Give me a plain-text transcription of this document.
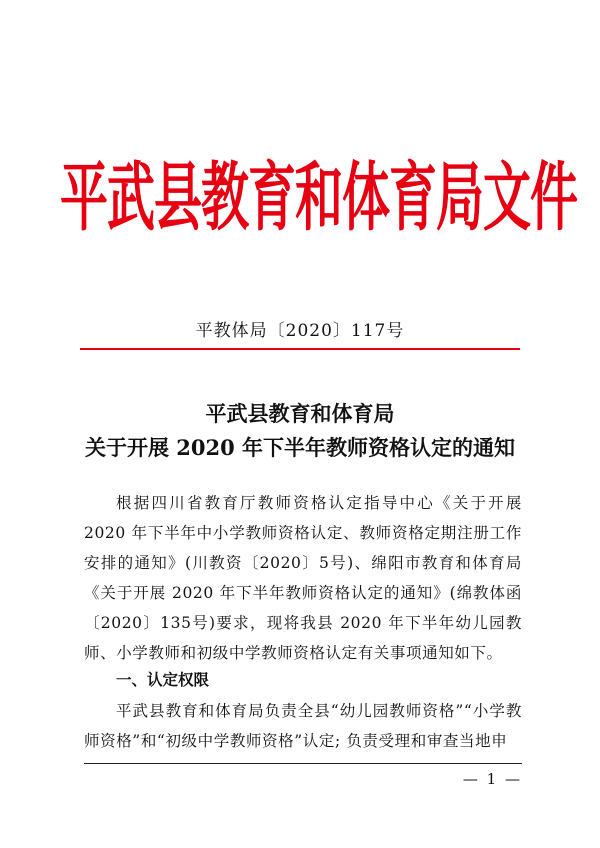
平武县教育和体育局文件
平教体局〔2020〕117号
平武县教育和体育局
关于开展 2020 年下半年教师资格认定的通知
根据四川省教育厅教师资格认定指导中心《关于开展 2020 年下半年中小学教师资格认定、教师资格定期注册工作安排的通知》(川教资〔2020〕5号)、绵阳市教育和体育局《关于开展 2020 年下半年教师资格认定的通知》(绵教体函〔2020〕135号)要求，现将我县 2020 年下半年幼儿园教师、小学教师和初级中学教师资格认定有关事项通知如下。
一、认定权限
平武县教育和体育局负责全县“幼儿园教师资格”“小学教师资格”和“初级中学教师资格”认定; 负责受理和审查当地申
— 1 —
